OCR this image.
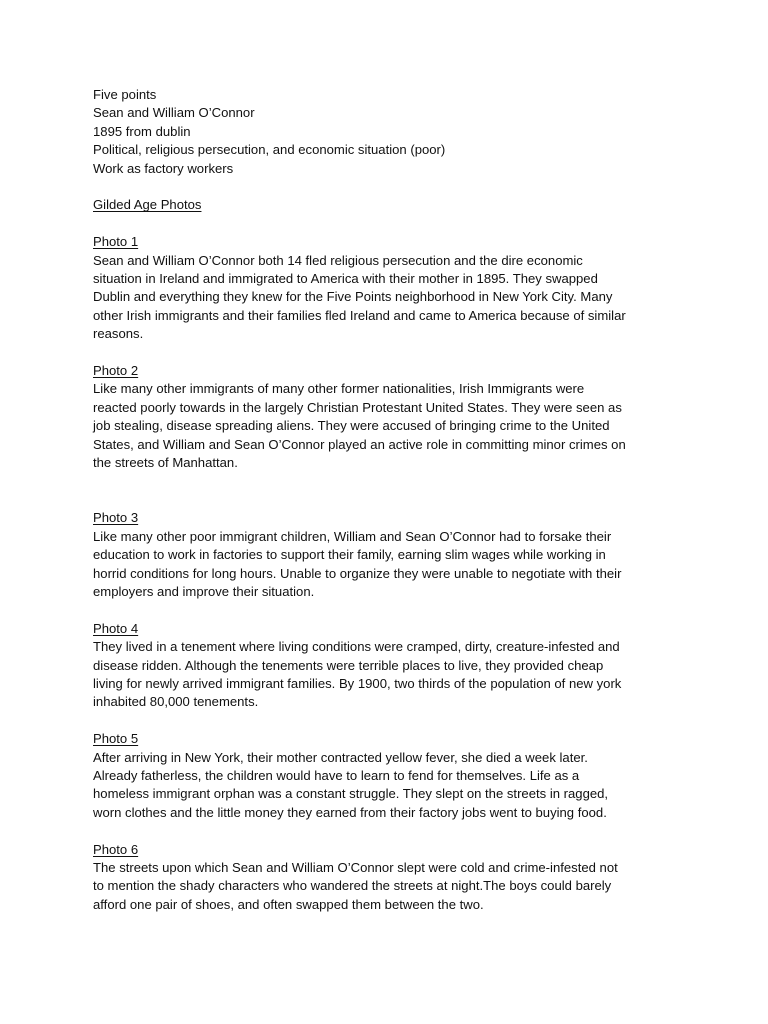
Five points
Sean and William O’Connor
1895 from dublin
Political, religious persecution, and economic situation (poor)
Work as factory workers
Gilded Age Photos
Photo 1
Sean and William O’Connor both 14 fled religious persecution and the dire economic
situation in Ireland and immigrated to America with their mother in 1895. They swapped
Dublin and everything they knew for the Five Points neighborhood in New York City. Many
other Irish immigrants and their families fled Ireland and came to America because of similar
reasons.
Photo 2
Like many other immigrants of many other former nationalities, Irish Immigrants were
reacted poorly towards in the largely Christian Protestant United States. They were seen as
job stealing, disease spreading aliens. They were accused of bringing crime to the United
States, and William and Sean O’Connor played an active role in committing minor crimes on
the streets of Manhattan.
Photo 3
Like many other poor immigrant children, William and Sean O’Connor had to forsake their
education to work in factories to support their family, earning slim wages while working in
horrid conditions for long hours. Unable to organize they were unable to negotiate with their
employers and improve their situation.
Photo 4
They lived in a tenement where living conditions were cramped, dirty, creature-infested and
disease ridden. Although the tenements were terrible places to live, they provided cheap
living for newly arrived immigrant families. By 1900, two thirds of the population of new york
inhabited 80,000 tenements.
Photo 5
After arriving in New York, their mother contracted yellow fever, she died a week later.
Already fatherless, the children would have to learn to fend for themselves. Life as a
homeless immigrant orphan was a constant struggle. They slept on the streets in ragged,
worn clothes and the little money they earned from their factory jobs went to buying food.
Photo 6
The streets upon which Sean and William O’Connor slept were cold and crime-infested not
to mention the shady characters who wandered the streets at night.The boys could barely
afford one pair of shoes, and often swapped them between the two.
